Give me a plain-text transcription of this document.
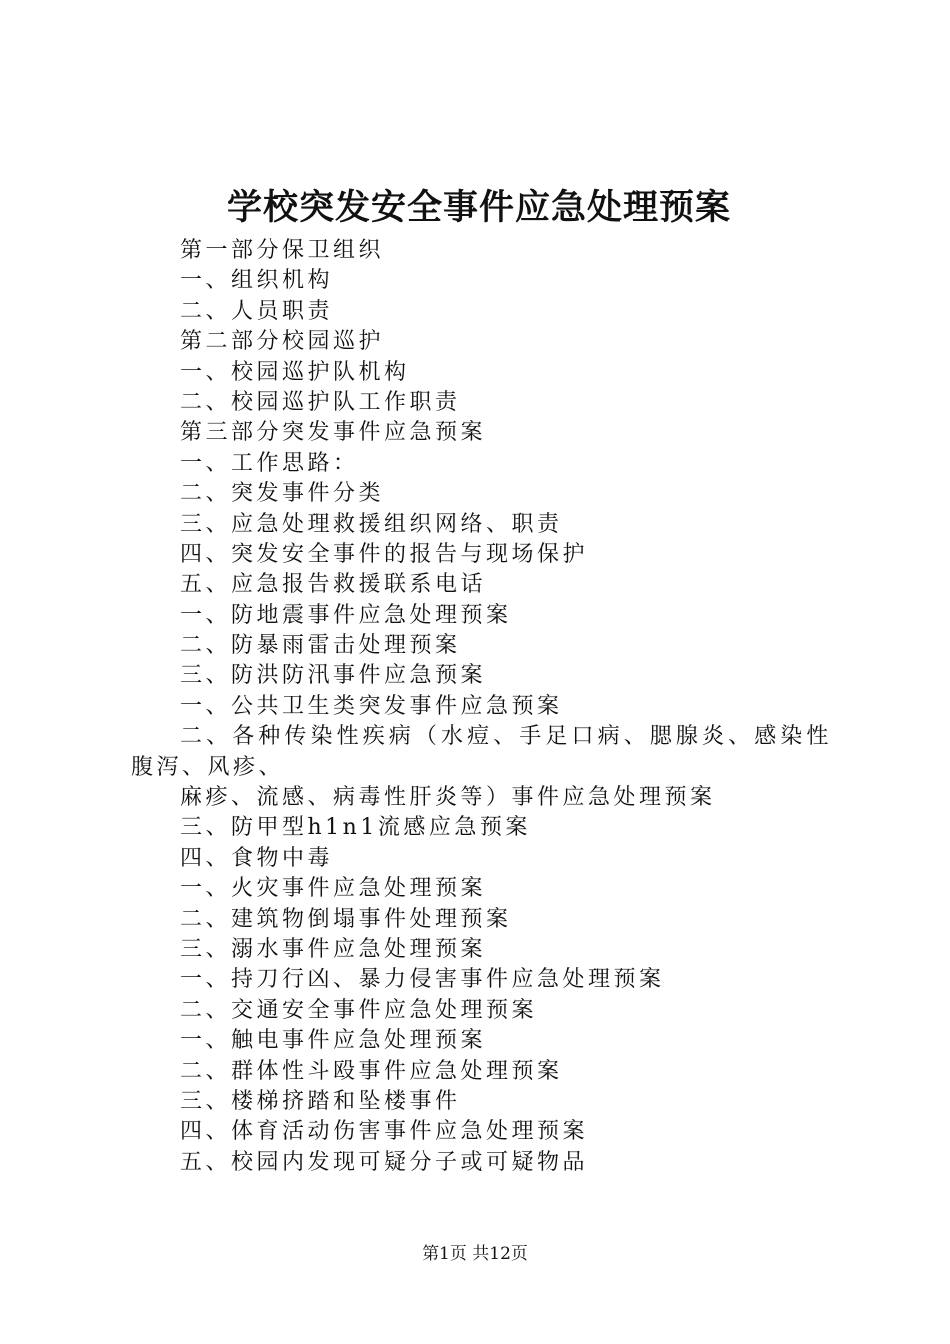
学校突发安全事件应急处理预案
第一部分保卫组织
一、组织机构
二、人员职责
第二部分校园巡护
一、校园巡护队机构
二、校园巡护队工作职责
第三部分突发事件应急预案
一、工作思路：
二、突发事件分类
三、应急处理救援组织网络、职责
四、突发安全事件的报告与现场保护
五、应急报告救援联系电话
一、防地震事件应急处理预案
二、防暴雨雷击处理预案
三、防洪防汛事件应急预案
一、公共卫生类突发事件应急预案
二、各种传染性疾病（水痘、手足口病、腮腺炎、感染性
腹泻、风疹、
麻疹、流感、病毒性肝炎等）事件应急处理预案
三、防甲型h1n1流感应急预案
四、食物中毒
一、火灾事件应急处理预案
二、建筑物倒塌事件处理预案
三、溺水事件应急处理预案
一、持刀行凶、暴力侵害事件应急处理预案
二、交通安全事件应急处理预案
一、触电事件应急处理预案
二、群体性斗殴事件应急处理预案
三、楼梯挤踏和坠楼事件
四、体育活动伤害事件应急处理预案
五、校园内发现可疑分子或可疑物品
第1页 共12页
